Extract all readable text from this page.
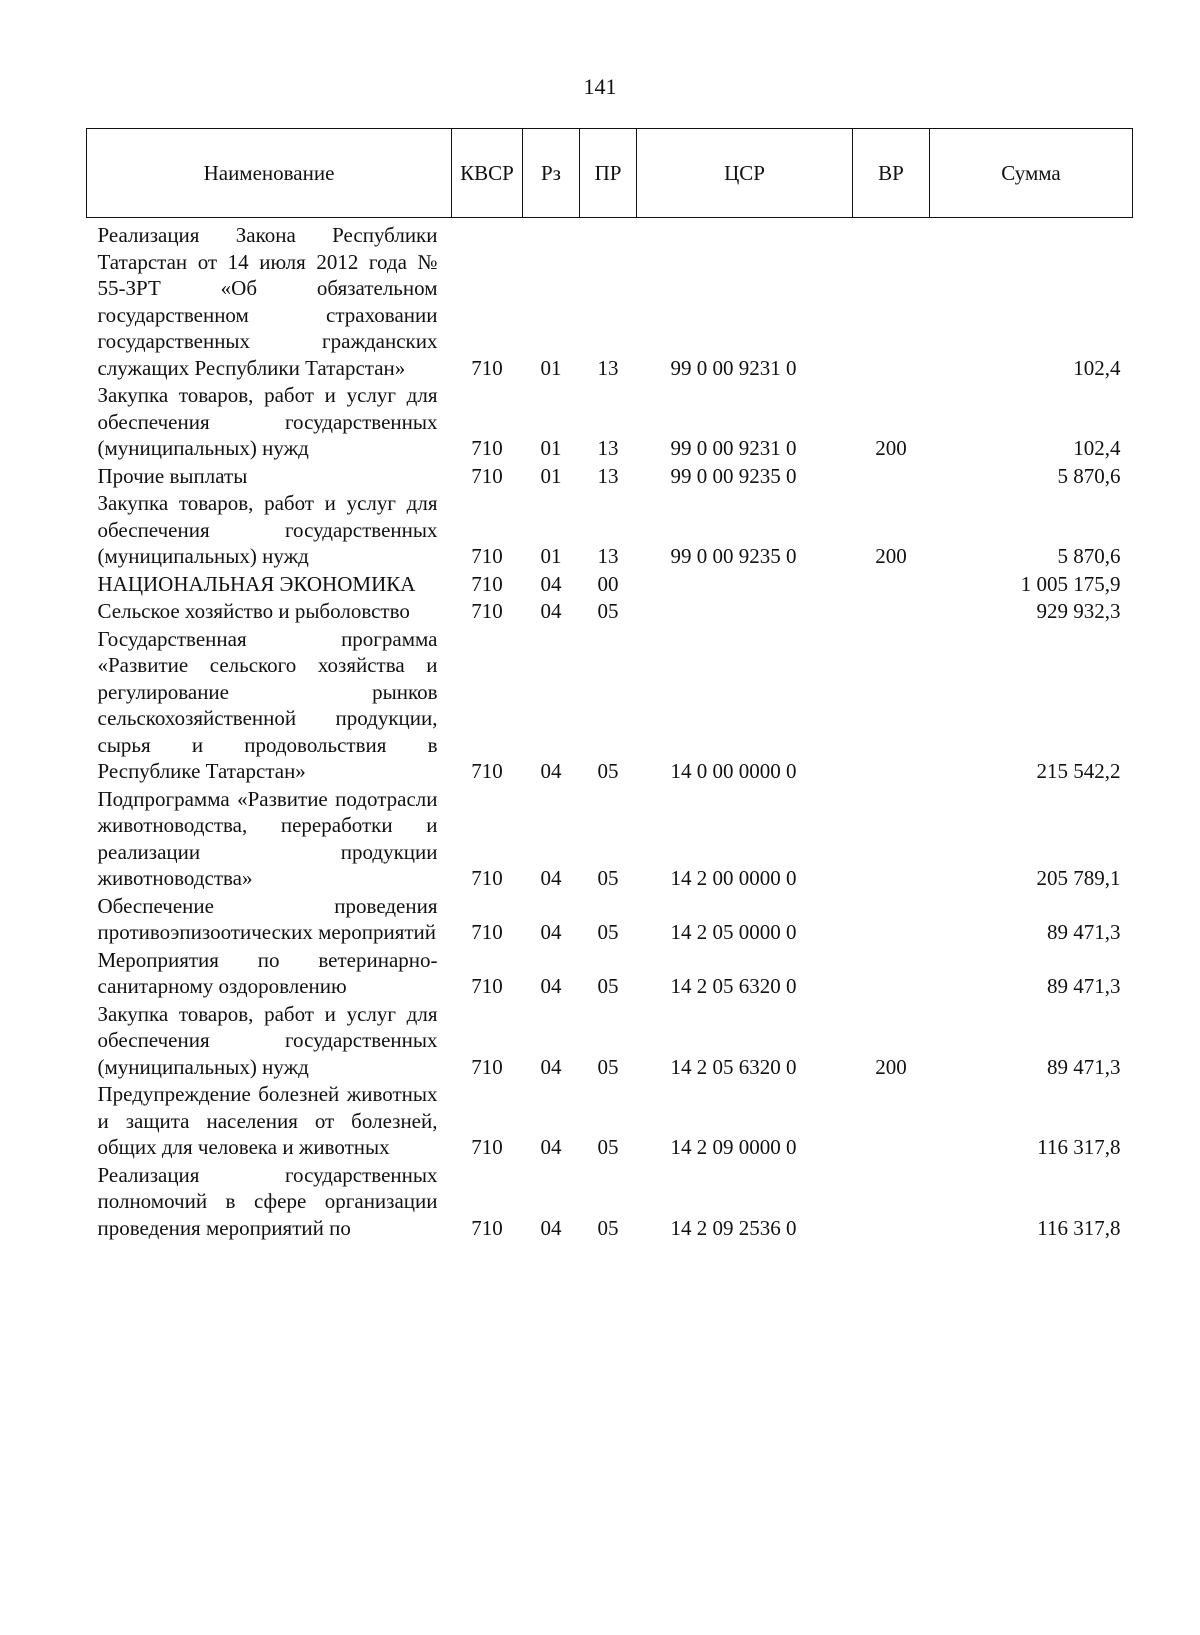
141
Наименование	КВСР	Рз	ПР	ЦСР	ВР	Сумма
Реализация Закона Республики Татарстан от 14 июля 2012 года № 55-ЗРТ «Об обязательном государственном страховании государственных гражданских служащих Республики Татарстан»	710	01	13	99 0 00 9231 0		102,4
Закупка товаров, работ и услуг для обеспечения государственных (муниципальных) нужд	710	01	13	99 0 00 9231 0	200	102,4
Прочие выплаты	710	01	13	99 0 00 9235 0		5 870,6
Закупка товаров, работ и услуг для обеспечения государственных (муниципальных) нужд	710	01	13	99 0 00 9235 0	200	5 870,6
НАЦИОНАЛЬНАЯ ЭКОНОМИКА	710	04	00			1 005 175,9
Сельское хозяйство и рыболовство	710	04	05			929 932,3
Государственная программа «Развитие сельского хозяйства и регулирование рынков сельскохозяйственной продукции, сырья и продовольствия в Республике Татарстан»	710	04	05	14 0 00 0000 0		215 542,2
Подпрограмма «Развитие подотрасли животноводства, переработки и реализации продукции животноводства»	710	04	05	14 2 00 0000 0		205 789,1
Обеспечение проведения противоэпизоотических мероприятий	710	04	05	14 2 05 0000 0		89 471,3
Мероприятия по ветеринарно-санитарному оздоровлению	710	04	05	14 2 05 6320 0		89 471,3
Закупка товаров, работ и услуг для обеспечения государственных (муниципальных) нужд	710	04	05	14 2 05 6320 0	200	89 471,3
Предупреждение болезней животных и защита населения от болезней, общих для человека и животных	710	04	05	14 2 09 0000 0		116 317,8
Реализация государственных полномочий в сфере организации проведения мероприятий по	710	04	05	14 2 09 2536 0		116 317,8
